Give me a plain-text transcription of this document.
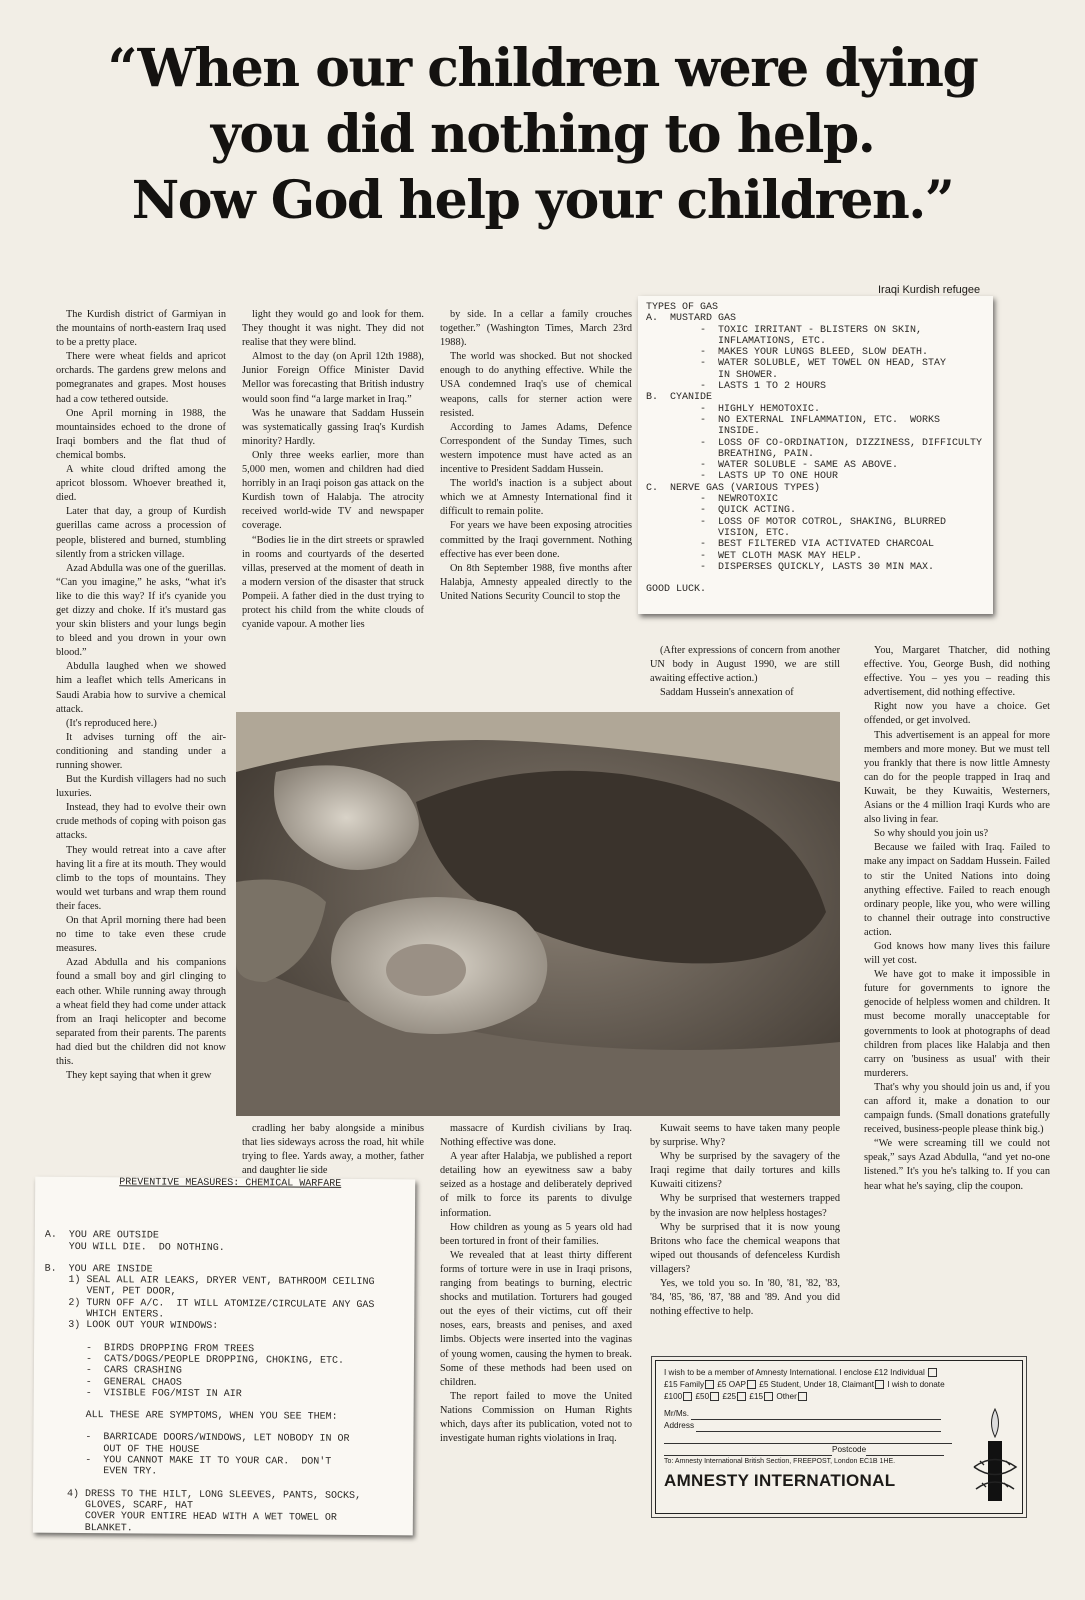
“When our children were dying
you did nothing to help.
Now God help your children.”
Iraqi Kurdish refugee

The Kurdish district of Garmiyan in the mountains of north-eastern Iraq used to be a pretty place.

There were wheat fields and apricot orchards. The gardens grew melons and pomegranates and grapes. Most houses had a cow tethered outside.

One April morning in 1988, the mountainsides echoed to the drone of Iraqi bombers and the flat thud of chemical bombs.

A white cloud drifted among the apricot blossom. Whoever breathed it, died.

Later that day, a group of Kurdish guerillas came across a procession of people, blistered and burned, stumbling silently from a stricken village.

Azad Abdulla was one of the guerillas. “Can you imagine,” he asks, “what it's like to die this way? If it's cyanide you get dizzy and choke. If it's mustard gas your skin blisters and your lungs begin to bleed and you drown in your own blood.”

Abdulla laughed when we showed him a leaflet which tells Americans in Saudi Arabia how to survive a chemical attack.

(It's reproduced here.)

It advises turning off the air-conditioning and standing under a running shower.

But the Kurdish villagers had no such luxuries.

Instead, they had to evolve their own crude methods of coping with poison gas attacks.

They would retreat into a cave after having lit a fire at its mouth. They would climb to the tops of mountains. They would wet turbans and wrap them round their faces.

On that April morning there had been no time to take even these crude measures.

Azad Abdulla and his companions found a small boy and girl clinging to each other. While running away through a wheat field they had come under attack from an Iraqi helicopter and become separated from their parents. The parents had died but the children did not know this.

They kept saying that when it grew

light they would go and look for them. They thought it was night. They did not realise that they were blind.

Almost to the day (on April 12th 1988), Junior Foreign Office Minister David Mellor was forecasting that British industry would soon find “a large market in Iraq.”

Was he unaware that Saddam Hussein was systematically gassing Iraq's Kurdish minority? Hardly.

Only three weeks earlier, more than 5,000 men, women and children had died horribly in an Iraqi poison gas attack on the Kurdish town of Halabja. The atrocity received world-wide TV and newspaper coverage.

“Bodies lie in the dirt streets or sprawled in rooms and courtyards of the deserted villas, preserved at the moment of death in a modern version of the disaster that struck Pompeii. A father died in the dust trying to protect his child from the white clouds of cyanide vapour. A mother lies

cradling her baby alongside a minibus that lies sideways across the road, hit while trying to flee. Yards away, a mother, father and daughter lie side

by side. In a cellar a family crouches together.” (Washington Times, March 23rd 1988).

The world was shocked. But not shocked enough to do anything effective. While the USA condemned Iraq's use of chemical weapons, calls for sterner action were resisted.

According to James Adams, Defence Correspondent of the Sunday Times, such western impotence must have acted as an incentive to President Saddam Hussein.

The world's inaction is a subject about which we at Amnesty International find it difficult to remain polite.

For years we have been exposing atrocities committed by the Iraqi government. Nothing effective has ever been done.

On 8th September 1988, five months after Halabja, Amnesty appealed directly to the United Nations Security Council to stop the

massacre of Kurdish civilians by Iraq. Nothing effective was done.

A year after Halabja, we published a report detailing how an eyewitness saw a baby seized as a hostage and deliberately deprived of milk to force its parents to divulge information.

How children as young as 5 years old had been tortured in front of their families.

We revealed that at least thirty different forms of torture were in use in Iraqi prisons, ranging from beatings to burning, electric shocks and mutilation. Torturers had gouged out the eyes of their victims, cut off their noses, ears, breasts and penises, and axed limbs. Objects were inserted into the vaginas of young women, causing the hymen to break. Some of these methods had been used on children.

The report failed to move the United Nations Commission on Human Rights which, days after its publication, voted not to investigate human rights violations in Iraq.

(After expressions of concern from another UN body in August 1990, we are still awaiting effective action.)

Saddam Hussein's annexation of

Kuwait seems to have taken many people by surprise. Why?

Why be surprised by the savagery of the Iraqi regime that daily tortures and kills Kuwaiti citizens?

Why be surprised that westerners trapped by the invasion are now helpless hostages?

Why be surprised that it is now young Britons who face the chemical weapons that wiped out thousands of defenceless Kurdish villagers?

Yes, we told you so. In '80, '81, '82, '83, '84, '85, '86, '87, '88 and '89. And you did nothing effective to help.

You, Margaret Thatcher, did nothing effective. You, George Bush, did nothing effective. You – yes you – reading this advertisement, did nothing effective.

Right now you have a choice. Get offended, or get involved.

This advertisement is an appeal for more members and more money. But we must tell you frankly that there is now little Amnesty can do for the people trapped in Iraq and Kuwait, be they Kuwaitis, Westerners, Asians or the 4 million Iraqi Kurds who are also living in fear.

So why should you join us?

Because we failed with Iraq. Failed to make any impact on Saddam Hussein. Failed to stir the United Nations into doing anything effective. Failed to reach enough ordinary people, like you, who were willing to channel their outrage into constructive action.

God knows how many lives this failure will yet cost.

We have got to make it impossible in future for governments to ignore the genocide of helpless women and children. It must become morally unacceptable for governments to look at photographs of dead children from places like Halabja and then carry on 'business as usual' with their murderers.

That's why you should join us and, if you can afford it, make a donation to our campaign funds. (Small donations gratefully received, business-people please think big.)

“We were screaming till we could not speak,” says Azad Abdulla, “and yet no-one listened.” It's you he's talking to. If you can hear what he's saying, clip the coupon.

TYPES OF GAS
A.  MUSTARD GAS
-  TOXIC IRRITANT - BLISTERS ON SKIN,
INFLAMATIONS, ETC.
-  MAKES YOUR LUNGS BLEED, SLOW DEATH.
-  WATER SOLUBLE, WET TOWEL ON HEAD, STAY
IN SHOWER.
-  LASTS 1 TO 2 HOURS
B.  CYANIDE
-  HIGHLY HEMOTOXIC.
-  NO EXTERNAL INFLAMMATION, ETC.  WORKS
INSIDE.
-  LOSS OF CO-ORDINATION, DIZZINESS, DIFFICULTY
BREATHING, PAIN.
-  WATER SOLUBLE - SAME AS ABOVE.
-  LASTS UP TO ONE HOUR
C.  NERVE GAS (VARIOUS TYPES)
-  NEWROTOXIC
-  QUICK ACTING.
-  LOSS OF MOTOR COTROL, SHAKING, BLURRED
VISION, ETC.
-  BEST FILTERED VIA ACTIVATED CHARCOAL
-  WET CLOTH MASK MAY HELP.
-  DISPERSES QUICKLY, LASTS 30 MIN MAX.
GOOD LUCK.
PREVENTIVE MEASURES: CHEMICAL WARFARE
A.  YOU ARE OUTSIDE
YOU WILL DIE.  DO NOTHING.
B.  YOU ARE INSIDE
1) SEAL ALL AIR LEAKS, DRYER VENT, BATHROOM CEILING
VENT, PET DOOR,
2) TURN OFF A/C.  IT WILL ATOMIZE/CIRCULATE ANY GAS
WHICH ENTERS.
3) LOOK OUT YOUR WINDOWS:
-  BIRDS DROPPING FROM TREES
-  CATS/DOGS/PEOPLE DROPPING, CHOKING, ETC.
-  CARS CRASHING
-  GENERAL CHAOS
-  VISIBLE FOG/MIST IN AIR
ALL THESE ARE SYMPTOMS, WHEN YOU SEE THEM:
-  BARRICADE DOORS/WINDOWS, LET NOBODY IN OR
OUT OF THE HOUSE
-  YOU CANNOT MAKE IT TO YOUR CAR.  DON'T
EVEN TRY.
4) DRESS TO THE HILT, LONG SLEEVES, PANTS, SOCKS,
GLOVES, SCARF, HAT
COVER YOUR ENTIRE HEAD WITH A WET TOWEL OR
BLANKET.
I wish to be a member of Amnesty International. I enclose £12 Individual
£15 Family £5 OAP £5 Student, Under 18, Claimant I wish to donate
£100 £50 £25 £15 Other
Mr/Ms.
Address
Postcode
To: Amnesty International British Section, FREEPOST, London EC1B 1HE.
AMNESTY INTERNATIONAL
